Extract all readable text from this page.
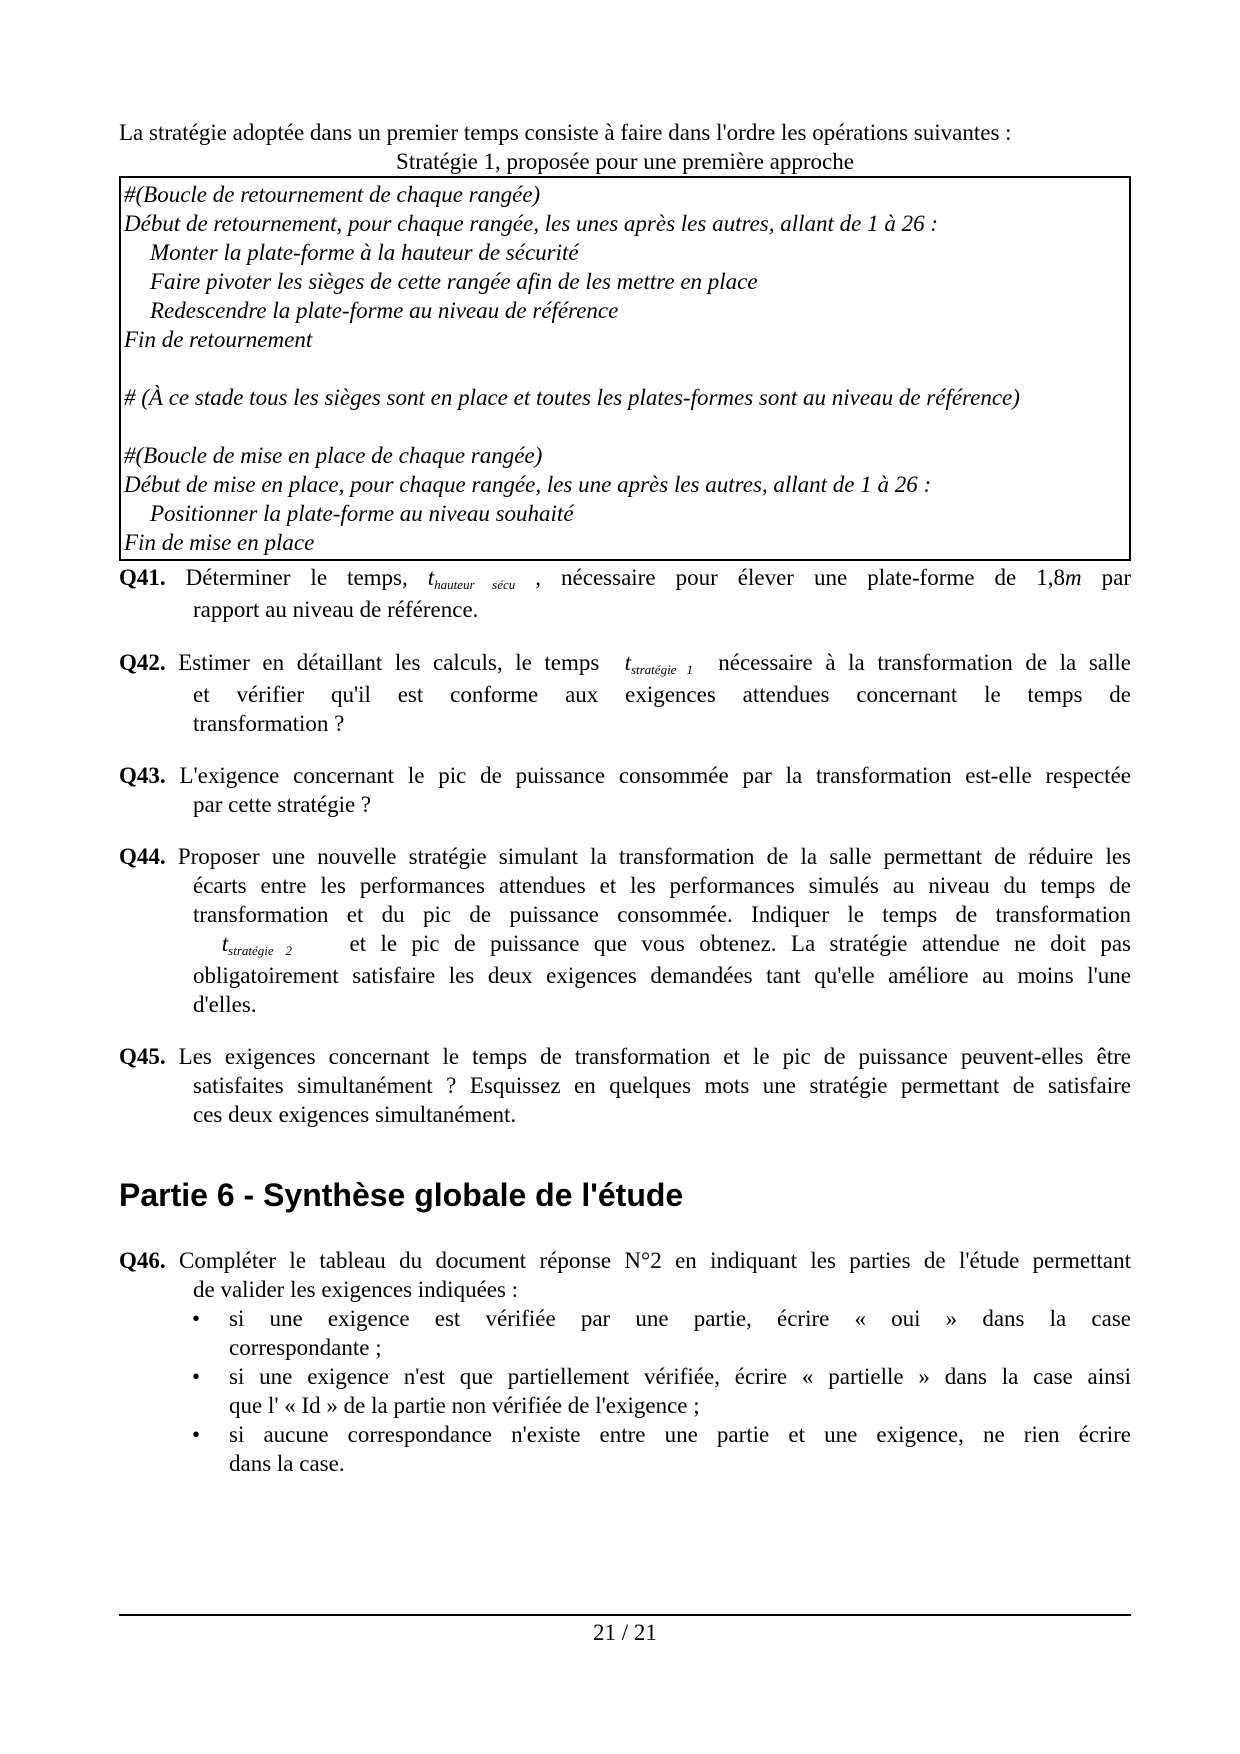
La stratégie adoptée dans un premier temps consiste à faire dans l'ordre les opérations suivantes :
Stratégie 1, proposée pour une première approche
#(Boucle de retournement de chaque rangée)
Début de retournement, pour chaque rangée, les unes après les autres, allant de 1 à 26 :
Monter la plate-forme à la hauteur de sécurité
Faire pivoter les sièges de cette rangée afin de les mettre en place
Redescendre la plate-forme au niveau de référence
Fin de retournement
# (À ce stade tous les sièges sont en place et toutes les plates-formes sont au niveau de référence)
#(Boucle de mise en place de chaque rangée)
Début de mise en place, pour chaque rangée, les une après les autres, allant de 1 à 26 :
Positionner la plate-forme au niveau souhaité
Fin de mise en place
Q41. Déterminer le temps, thauteur sécu , nécessaire pour élever une plate-forme de 1,8m par
rapport au niveau de référence.
Q42. Estimer en détaillant les calculs, le temps tstratégie 1 nécessaire à la transformation de la salle
et vérifier qu'il est conforme aux exigences attendues concernant le temps de
transformation ?
Q43. L'exigence concernant le pic de puissance consommée par la transformation est-elle respectée
par cette stratégie ?
Q44. Proposer une nouvelle stratégie simulant la transformation de la salle permettant de réduire les
écarts entre les performances attendues et les performances simulés au niveau du temps de
transformation et du pic de puissance consommée. Indiquer le temps de transformation
tstratégie 2	et le pic de puissance que vous obtenez. La stratégie attendue ne doit pas
obligatoirement satisfaire les deux exigences demandées tant qu'elle améliore au moins l'une
d'elles.
Q45. Les exigences concernant le temps de transformation et le pic de puissance peuvent-elles être
satisfaites simultanément ? Esquissez en quelques mots une stratégie permettant de satisfaire
ces deux exigences simultanément.
Partie 6 - Synthèse globale de l'étude
Q46. Compléter le tableau du document réponse N°2 en indiquant les parties de l'étude permettant
de valider les exigences indiquées :
• si une exigence est vérifiée par une partie, écrire « oui » dans la case
correspondante ;
• si une exigence n'est que partiellement vérifiée, écrire « partielle » dans la case ainsi
que l' « Id » de la partie non vérifiée de l'exigence ;
• si aucune correspondance n'existe entre une partie et une exigence, ne rien écrire
dans la case.
21 / 21
